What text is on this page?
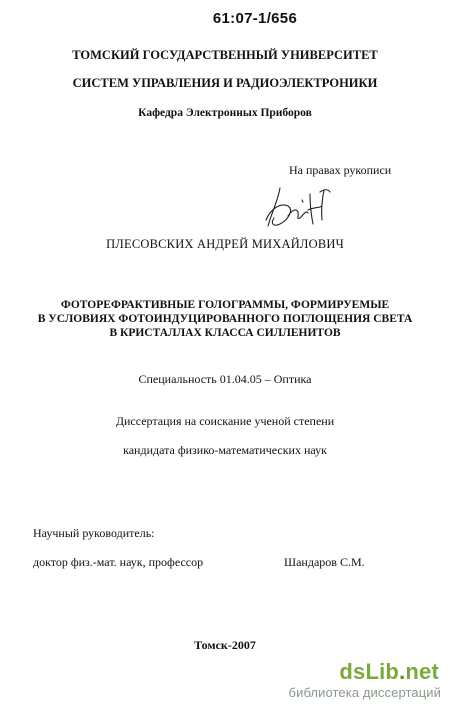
61:07-1/656
ТОМСКИЙ ГОСУДАРСТВЕННЫЙ УНИВЕРСИТЕТ
СИСТЕМ УПРАВЛЕНИЯ И РАДИОЭЛЕКТРОНИКИ
Кафедра Электронных Приборов
На правах рукописи
ПЛЕСОВСКИХ АНДРЕЙ МИХАЙЛОВИЧ
ФОТОРЕФРАКТИВНЫЕ ГОЛОГРАММЫ, ФОРМИРУЕМЫЕ
В УСЛОВИЯХ ФОТОИНДУЦИРОВАННОГО ПОГЛОЩЕНИЯ СВЕТА
В КРИСТАЛЛАХ КЛАССА СИЛЛЕНИТОВ
Специальность 01.04.05 – Оптика
Диссертация на соискание ученой степени
кандидата физико-математических наук
Научный руководитель:
доктор физ.-мат. наук, профессор	Шандаров С.М.
Томск-2007
dsLib.net
библиотека диссертаций
